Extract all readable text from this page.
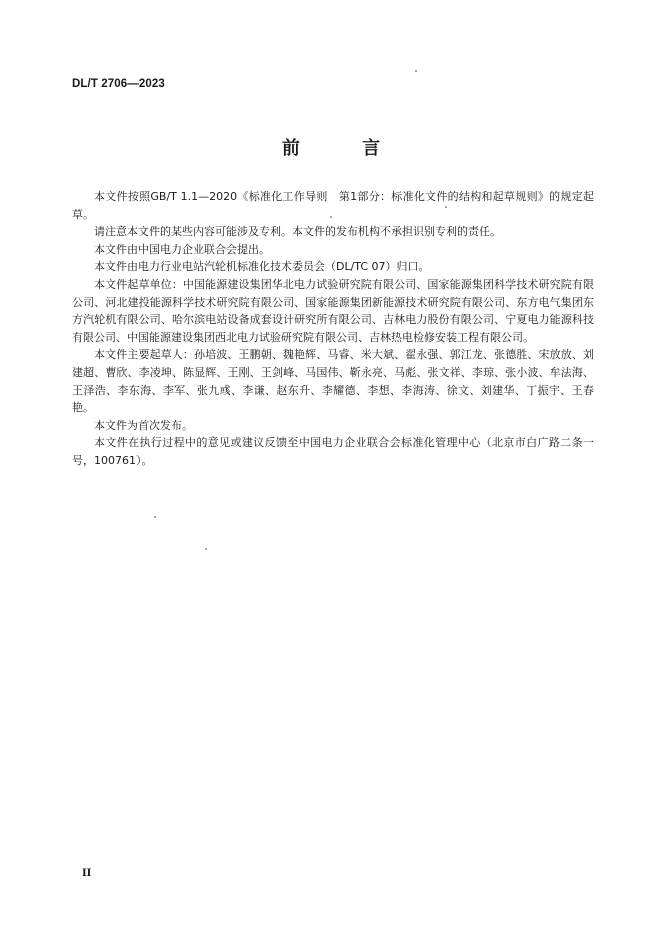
DL/T 2706—2023
前 言

本文件按照GB/T 1.1—2020《标准化工作导则　第1部分：标准化文件的结构和起草规则》的规定起草。

请注意本文件的某些内容可能涉及专利。本文件的发布机构不承担识别专利的责任。

本文件由中国电力企业联合会提出。

本文件由电力行业电站汽轮机标准化技术委员会（DL/TC 07）归口。

本文件起草单位：中国能源建设集团华北电力试验研究院有限公司、国家能源集团科学技术研究院有限公司、河北建投能源科学技术研究院有限公司、国家能源集团新能源技术研究院有限公司、东方电气集团东方汽轮机有限公司、哈尔滨电站设备成套设计研究所有限公司、吉林电力股份有限公司、宁夏电力能源科技有限公司、中国能源建设集团西北电力试验研究院有限公司、吉林热电检修安装工程有限公司。

本文件主要起草人：孙培波、王鹏朝、魏艳辉、马睿、米大斌、翟永强、郭江龙、张德胜、宋放放、刘建超、曹欣、李凌坤、陈显辉、王刚、王剑峰、马国伟、靳永亮、马彪、张文祥、李琼、张小波、牟法海、王泽浩、李东海、李军、张九彧、李谦、赵东升、李耀德、李想、李海涛、徐文、刘建华、丁振宇、王春艳。

本文件为首次发布。

本文件在执行过程中的意见或建议反馈至中国电力企业联合会标准化管理中心（北京市白广路二条一号，100761）。

II
